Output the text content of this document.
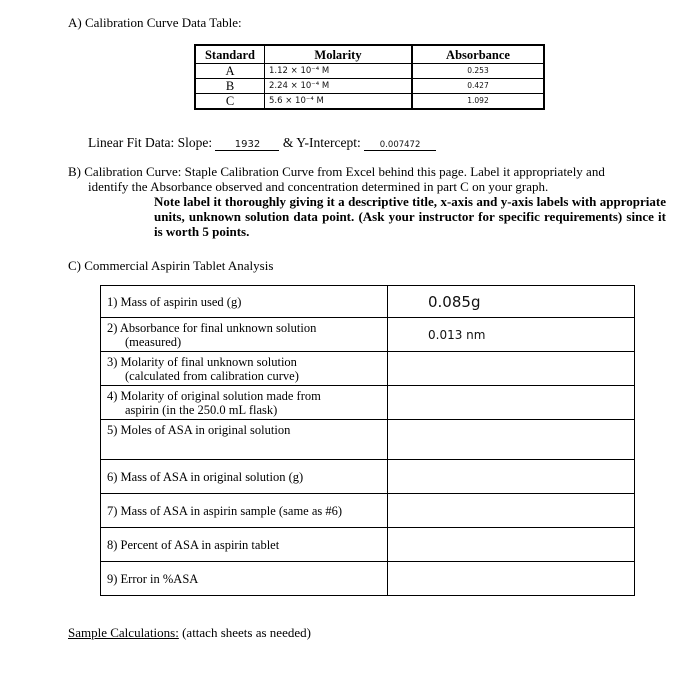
A) Calibration Curve Data Table:
Standard	Molarity	Absorbance
A	1.12 × 10⁻⁴ M	0.253
B	2.24 × 10⁻⁴ M	0.427
C	5.6 × 10⁻⁴ M	1.092
Linear Fit Data: Slope: 1932 & Y-Intercept: 0.007472
B) Calibration Curve: Staple Calibration Curve from Excel behind this page. Label it appropriately and
identify the Absorbance observed and concentration determined in part C on your graph.
Note label it thoroughly giving it a descriptive title, x-axis and y-axis labels with appropriate units, unknown solution data point. (Ask your instructor for specific requirements) since it is worth 5 points.
C) Commercial Aspirin Tablet Analysis
1) Mass of aspirin used (g)	0.085g
2) Absorbance for final unknown solution
(measured)	0.013 nm
3) Molarity of final unknown solution
(calculated from calibration curve)	

4) Molarity of original solution made from
aspirin (in the 250.0 mL flask)	

5) Moles of ASA in original solution	
6) Mass of ASA in original solution (g)	
7) Mass of ASA in aspirin sample (same as #6)	
8) Percent of ASA in aspirin tablet	
9) Error in %ASA	
Sample Calculations: (attach sheets as needed)
